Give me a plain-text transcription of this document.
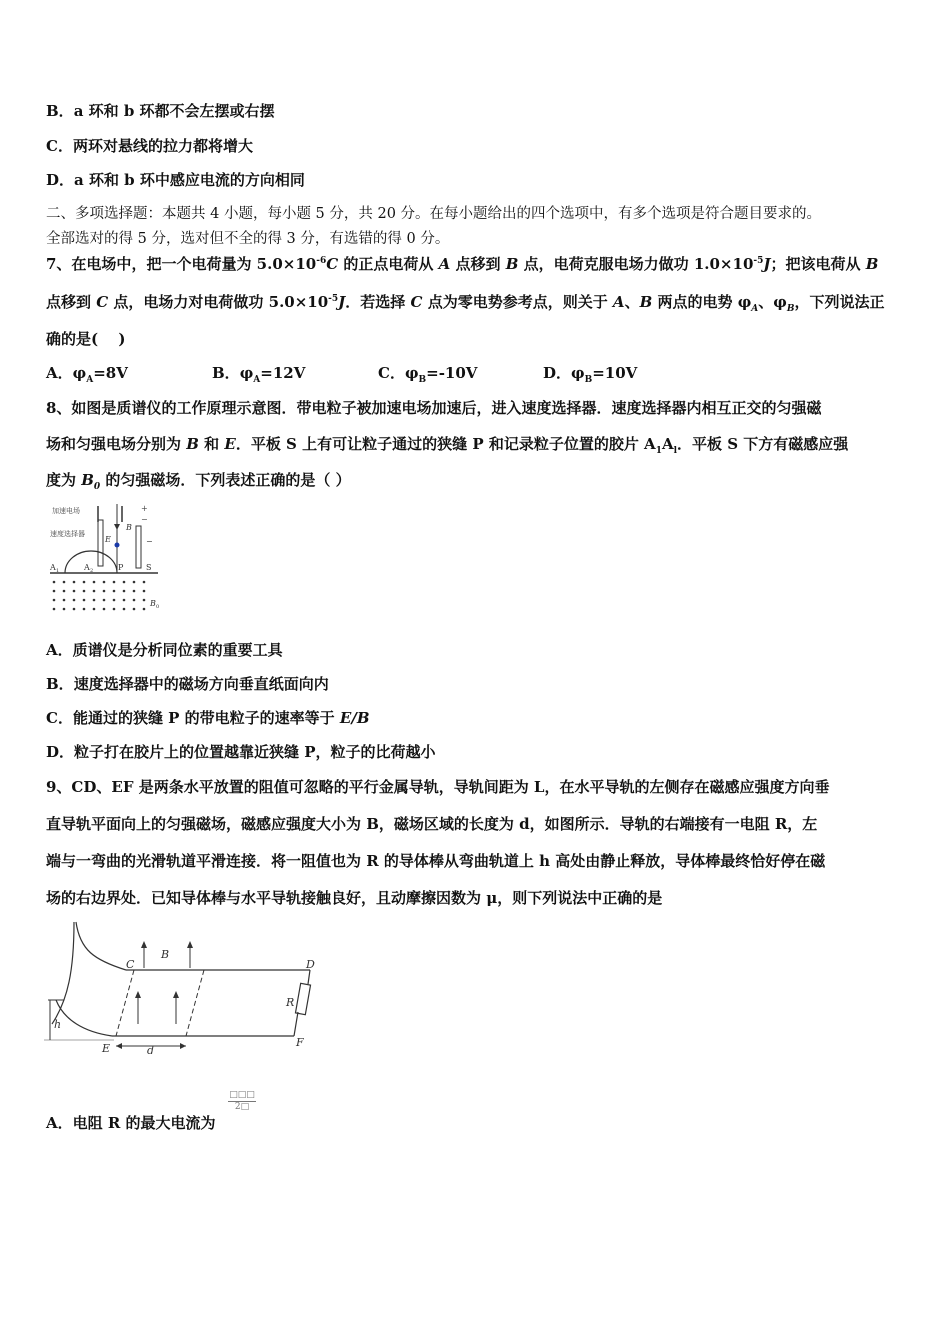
B．a 环和 b 环都不会左摆或右摆
C．两环对悬线的拉力都将增大
D．a 环和 b 环中感应电流的方向相同
二、多项选择题：本题共 4 小题，每小题 5 分，共 20 分。在每小题给出的四个选项中，有多个选项是符合题目要求的。
全部选对的得 5 分，选对但不全的得 3 分，有选错的得 0 分。
7、在电场中，把一个电荷量为 $5.0\times 10^{-6}C$ 的正点电荷从 A 点移到 B 点，电荷克服电场力做功 $1.0\times 10^{-5}J$；把该电荷从 B
点移到 C 点，电场力对电荷做功 $5.0\times 10^{-5}J$．若选择 C 点为零电势参考点，则关于 A、B 两点的电势 $\varphi_A$、$\varphi_B$，下列说法正
确的是(　 )
A．$\varphi_A=8V$	B．$\varphi_A=12V$	C．$\varphi_B=-10V$	D．$\varphi_B=10V$
8、如图是质谱仪的工作原理示意图．带电粒子被加速电场加速后，进入速度选择器．速度选择器内相互正交的匀强磁
场和匀强电场分别为 B 和 E．平板 S 上有可让粒子通过的狭缝 P 和记录粒子位置的胶片 $A_1A_l$．平板 S 下方有磁感应强
度为 $B_0$ 的匀强磁场．下列表述正确的是（ ）
加速电场	+
−
速度选择器
E
B
−
A 1	A 2	P	S
B 0
A．质谱仪是分析同位素的重要工具
B．速度选择器中的磁场方向垂直纸面向内
C．能通过的狭缝 P 的带电粒子的速率等于 E/B
D．粒子打在胶片上的位置越靠近狭缝 P，粒子的比荷越小
9、CD、EF 是两条水平放置的阻值可忽略的平行金属导轨，导轨间距为 L，在水平导轨的左侧存在磁感应强度方向垂
直导轨平面向上的匀强磁场，磁感应强度大小为 B，磁场区域的长度为 d，如图所示．导轨的右端接有一电阻 R，左
端与一弯曲的光滑轨道平滑连接．将一阻值也为 R 的导体棒从弯曲轨道上 h 高处由静止释放，导体棒最终恰好停在磁
场的右边界处．已知导体棒与水平导轨接触良好，且动摩擦因数为 μ，则下列说法中正确的是
R
B
C	D
E	F
h
d
A．电阻 R 的最大电流为
□□□
2□
